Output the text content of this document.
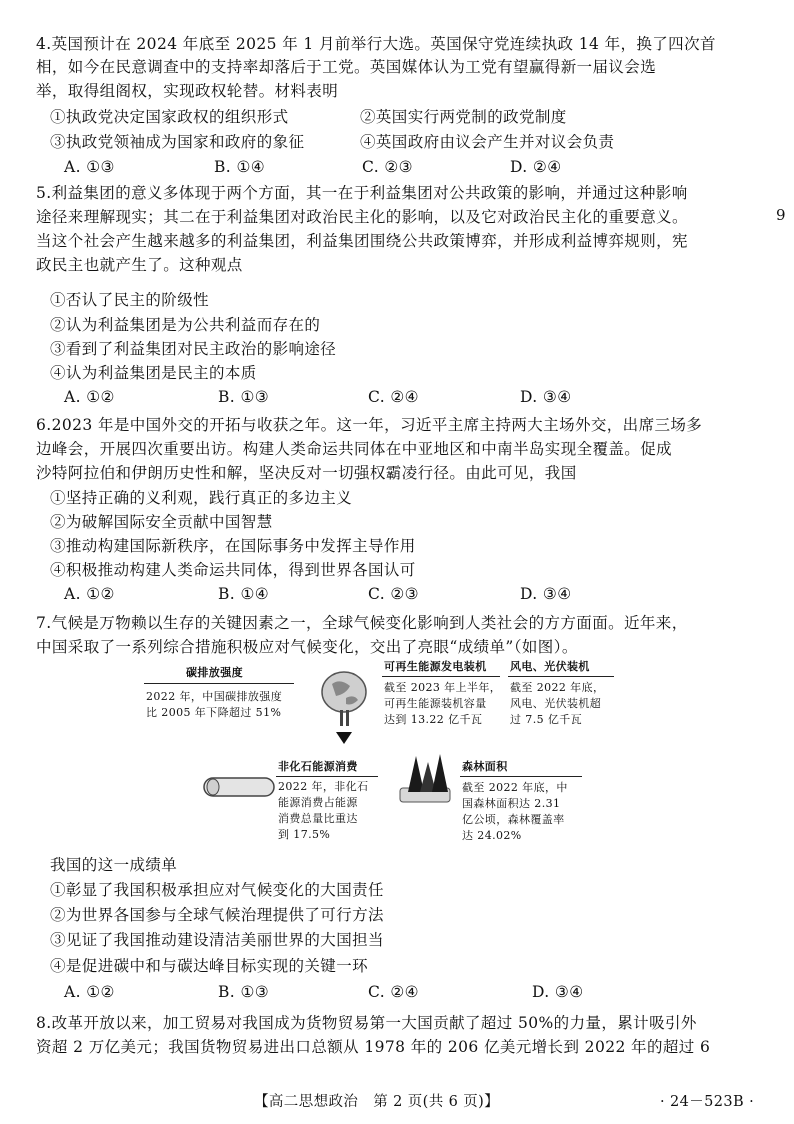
4.英国预计在 2024 年底至 2025 年 1 月前举行大选。英国保守党连续执政 14 年，换了四次首
相，如今在民意调查中的支持率却落后于工党。英国媒体认为工党有望赢得新一届议会选
举，取得组阁权，实现政权轮替。材料表明
①执政党决定国家政权的组织形式	②英国实行两党制的政党制度
③执政党领袖成为国家和政府的象征	④英国政府由议会产生并对议会负责
A. ①③	B. ①④	C. ②③	D. ②④
5.利益集团的意义多体现于两个方面，其一在于利益集团对公共政策的影响，并通过这种影响
途径来理解现实；其二在于利益集团对政治民主化的影响，以及它对政治民主化的重要意义。	9
当这个社会产生越来越多的利益集团，利益集团围绕公共政策博弈，并形成利益博弈规则，宪
政民主也就产生了。这种观点
①否认了民主的阶级性
②认为利益集团是为公共利益而存在的
③看到了利益集团对民主政治的影响途径
④认为利益集团是民主的本质
A. ①②	B. ①③	C. ②④	D. ③④
6.2023 年是中国外交的开拓与收获之年。这一年，习近平主席主持两大主场外交，出席三场多
边峰会，开展四次重要出访。构建人类命运共同体在中亚地区和中南半岛实现全覆盖。促成
沙特阿拉伯和伊朗历史性和解，坚决反对一切强权霸凌行径。由此可见，我国
①坚持正确的义利观，践行真正的多边主义
②为破解国际安全贡献中国智慧
③推动构建国际新秩序，在国际事务中发挥主导作用
④积极推动构建人类命运共同体，得到世界各国认可
A. ①②	B. ①④	C. ②③	D. ③④
7.气候是万物赖以生存的关键因素之一，全球气候变化影响到人类社会的方方面面。近年来，
中国采取了一系列综合措施积极应对气候变化，交出了亮眼“成绩单”（如图）。
碳排放强度
2022 年，中国碳排放强度
比 2005 年下降超过 51%
可再生能源发电装机
截至 2023 年上半年，
可再生能源装机容量
达到 13.22 亿千瓦
风电、光伏装机
截至 2022 年底，
风电、光伏装机超
过 7.5 亿千瓦
非化石能源消费
2022 年，非化石
能源消费占能源
消费总量比重达
到 17.5%
森林面积
截至 2022 年底，中
国森林面积达 2.31
亿公顷，森林覆盖率
达 24.02%
我国的这一成绩单
①彰显了我国积极承担应对气候变化的大国责任
②为世界各国参与全球气候治理提供了可行方法
③见证了我国推动建设清洁美丽世界的大国担当
④是促进碳中和与碳达峰目标实现的关键一环
A. ①②	B. ①③	C. ②④	D. ③④
8.改革开放以来，加工贸易对我国成为货物贸易第一大国贡献了超过 50%的力量，累计吸引外
资超 2 万亿美元；我国货物贸易进出口总额从 1978 年的 206 亿美元增长到 2022 年的超过 6
【高二思想政治　第 2 页(共 6 页)】	· 24－523B ·
